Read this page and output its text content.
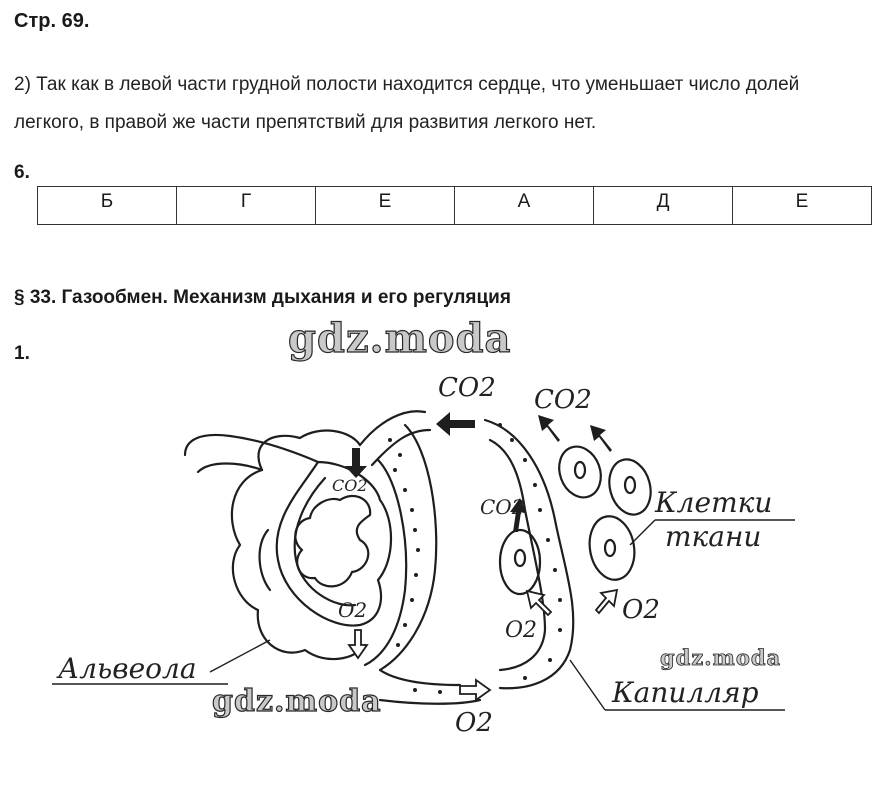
Стр. 69.
2) Так как в левой части грудной полости находится сердце, что уменьшает число долей легкого, в правой же части препятствий для развития легкого нет.
6.
Б	Г	Е	А	Д	Е
§ 33. Газообмен. Механизм дыхания и его регуляция
1.
CO2 CO2
CO2
CO2
O2
O2
O2
O2
Альвеола
Клетки
ткани
Капилляр
gdz.moda
gdz.moda
gdz.moda
